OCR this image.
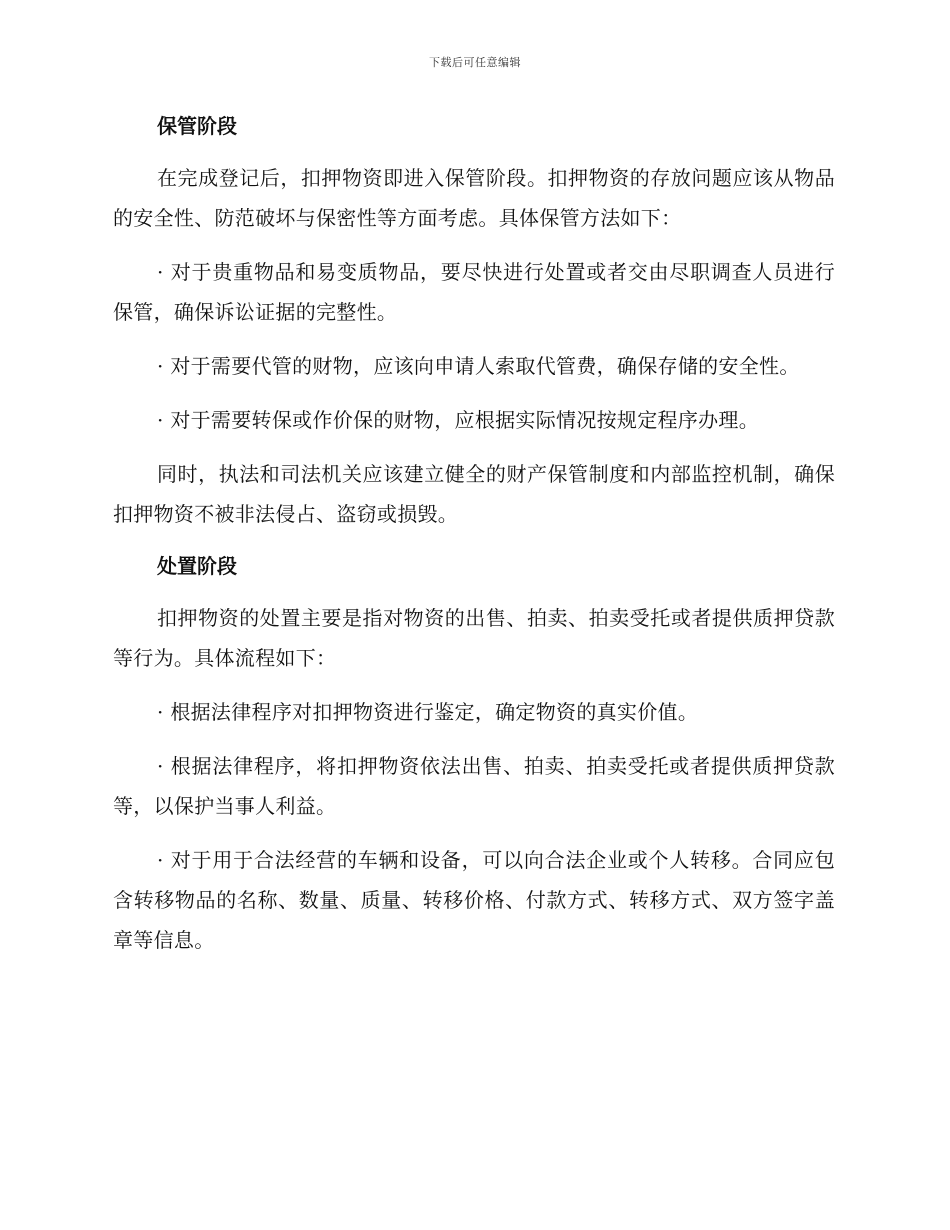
下载后可任意编辑
保管阶段

在完成登记后，扣押物资即进入保管阶段。扣押物资的存放问题应该从物品的安全性、防范破坏与保密性等方面考虑。具体保管方法如下：

· 对于贵重物品和易变质物品，要尽快进行处置或者交由尽职调查人员进行保管，确保诉讼证据的完整性。

· 对于需要代管的财物，应该向申请人索取代管费，确保存储的安全性。

· 对于需要转保或作价保的财物，应根据实际情况按规定程序办理。

同时，执法和司法机关应该建立健全的财产保管制度和内部监控机制，确保扣押物资不被非法侵占、盗窃或损毁。

处置阶段

扣押物资的处置主要是指对物资的出售、拍卖、拍卖受托或者提供质押贷款等行为。具体流程如下：

· 根据法律程序对扣押物资进行鉴定，确定物资的真实价值。

· 根据法律程序，将扣押物资依法出售、拍卖、拍卖受托或者提供质押贷款等，以保护当事人利益。

· 对于用于合法经营的车辆和设备，可以向合法企业或个人转移。合同应包含转移物品的名称、数量、质量、转移价格、付款方式、转移方式、双方签字盖章等信息。
